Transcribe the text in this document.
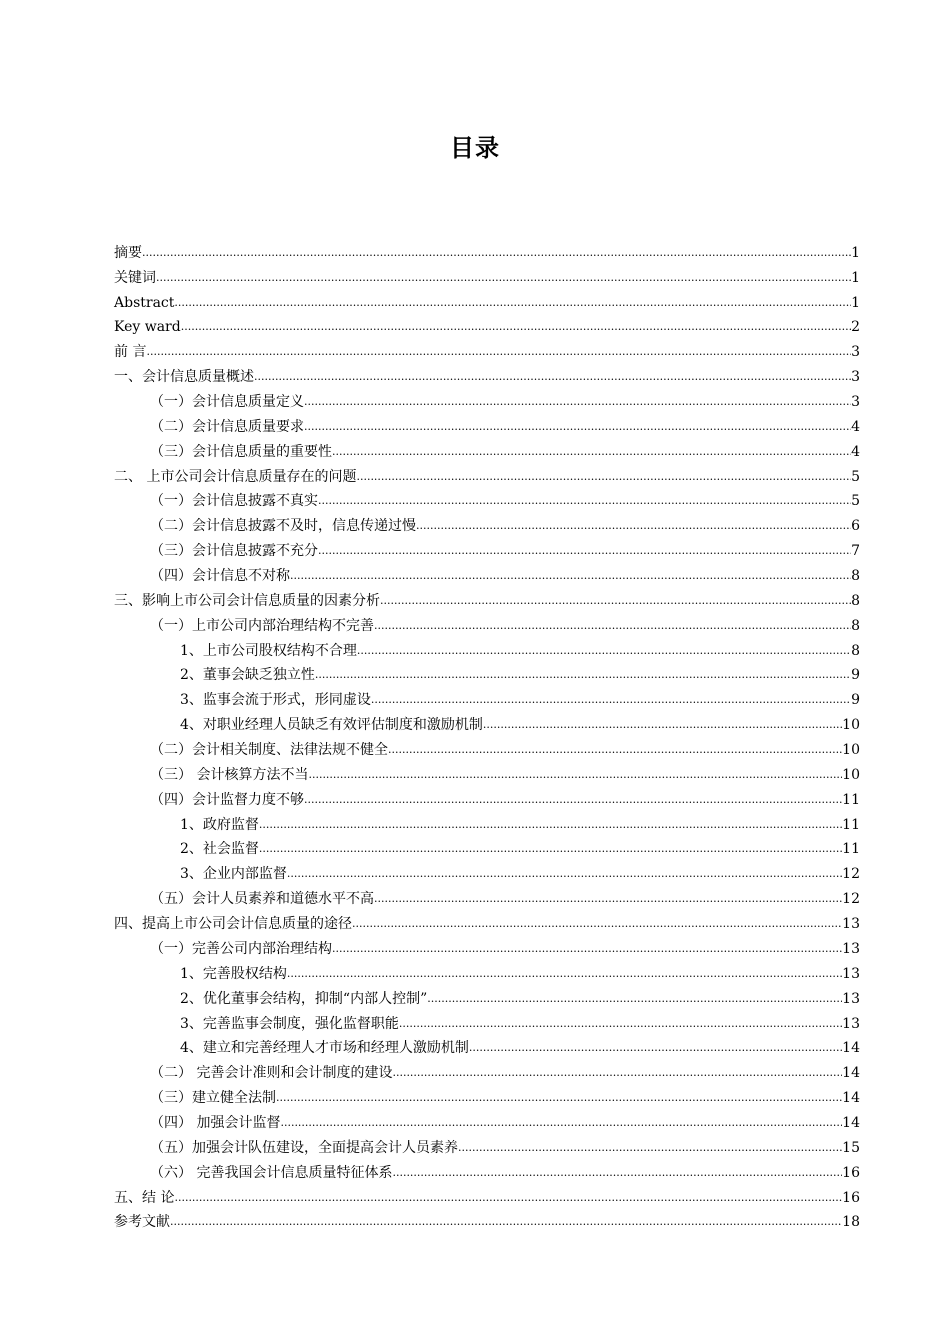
目录
摘要 .....	1
关键词 .....	1
Abstract .....	1
Key ward .....	2
前 言 .....	3
一、会计信息质量概述 .....	3
（一）会计信息质量定义 .....	3
（二）会计信息质量要求 .....	4
（三）会计信息质量的重要性 .....	4
二、 上市公司会计信息质量存在的问题 .....	5
（一）会计信息披露不真实 .....	5
（二）会计信息披露不及时，信息传递过慢 .....	6
（三）会计信息披露不充分 .....	7
（四）会计信息不对称 .....	8
三、影响上市公司会计信息质量的因素分析 .....	8
（一）上市公司内部治理结构不完善 .....	8
1、上市公司股权结构不合理 .....	8
2、董事会缺乏独立性 .....	9
3、监事会流于形式，形同虚设 .....	9
4、对职业经理人员缺乏有效评估制度和激励机制 .....	10
（二）会计相关制度、法律法规不健全 .....	10
（三） 会计核算方法不当 .....	10
（四）会计监督力度不够 .....	11
1、政府监督 .....	11
2、社会监督 .....	11
3、企业内部监督 .....	12
（五）会计人员素养和道德水平不高 .....	12
四、提高上市公司会计信息质量的途径 .....	13
（一）完善公司内部治理结构 .....	13
1、完善股权结构 .....	13
2、优化董事会结构，抑制“内部人控制” .....	13
3、完善监事会制度，强化监督职能 .....	13
4、建立和完善经理人才市场和经理人激励机制 .....	14
（二） 完善会计准则和会计制度的建设 .....	14
（三）建立健全法制 .....	14
（四） 加强会计监督 .....	14
（五）加强会计队伍建设，全面提高会计人员素养 .....	15
（六） 完善我国会计信息质量特征体系 .....	16
五、结 论 .....	16
参考文献 .....	18
